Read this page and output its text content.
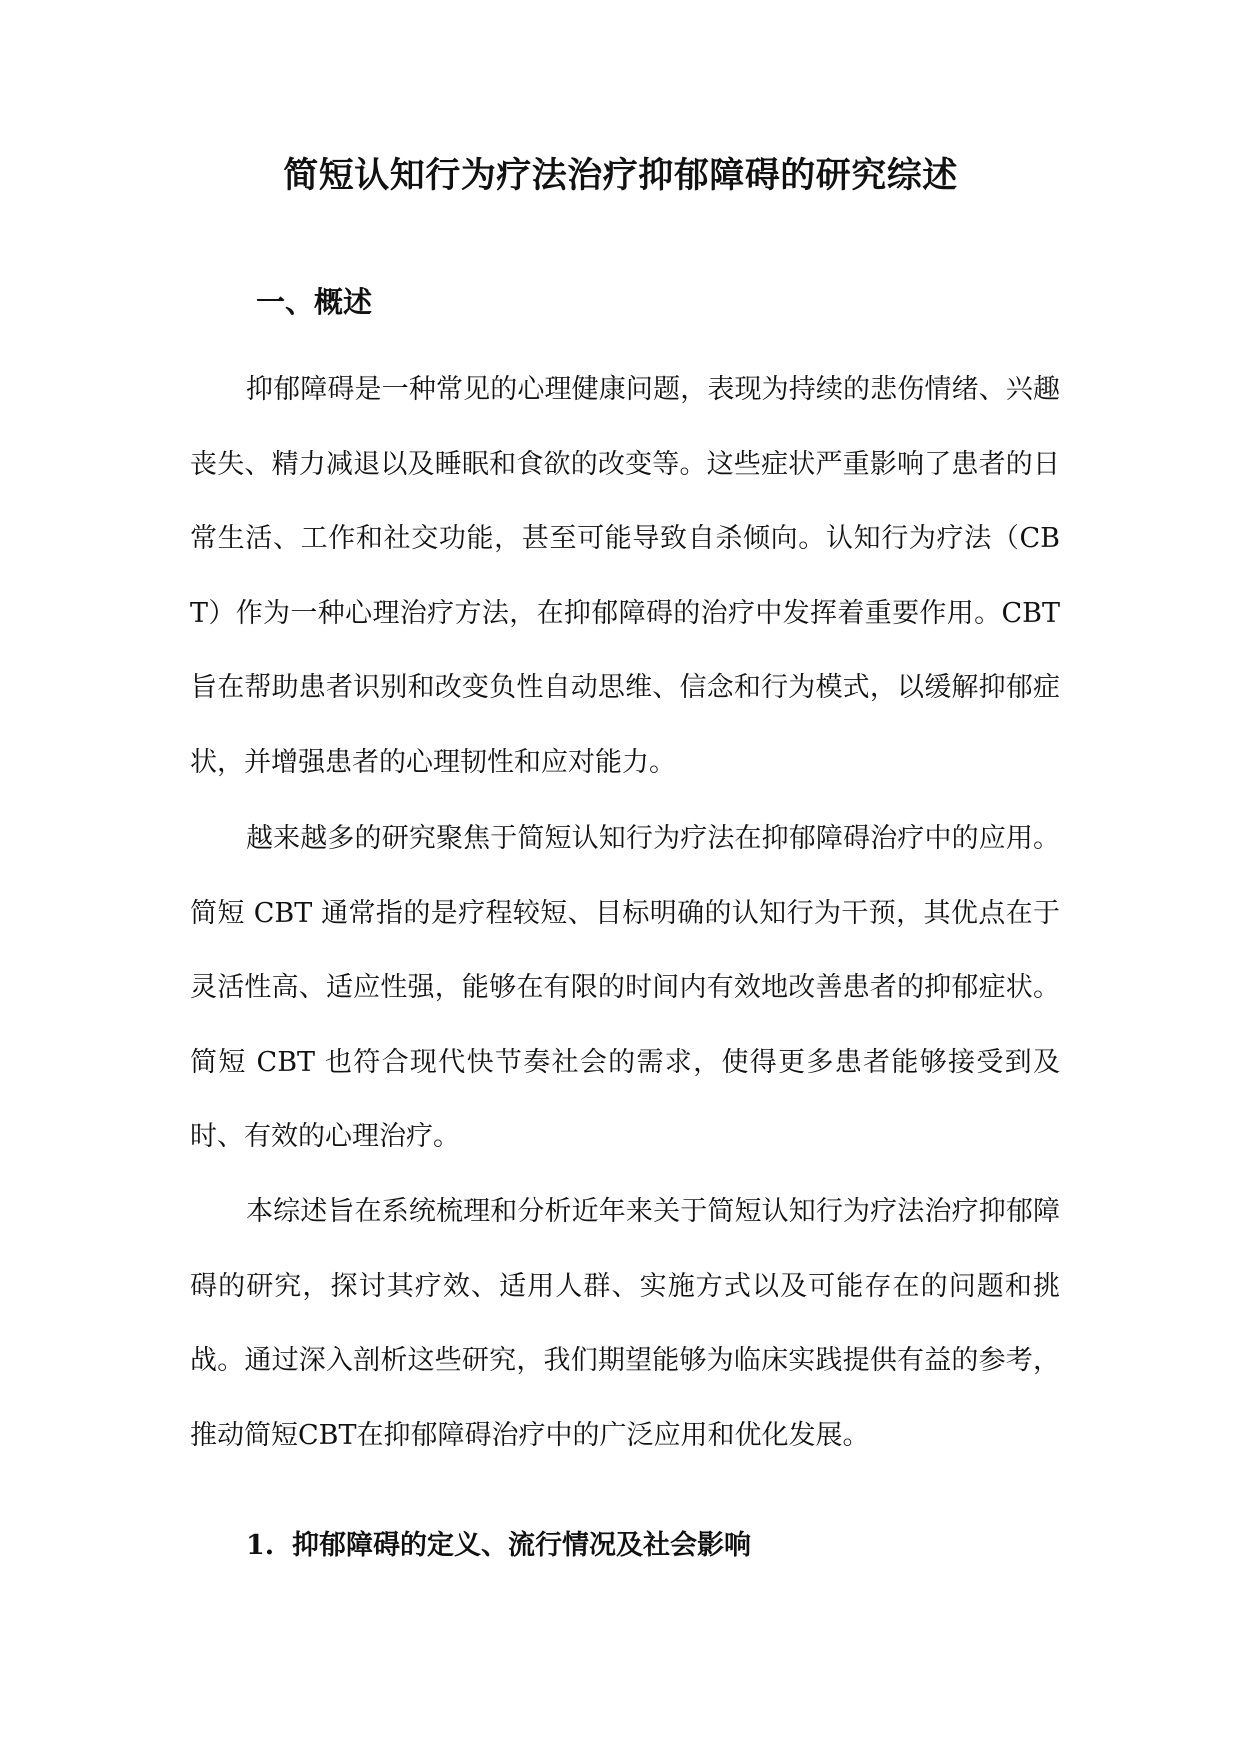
简短认知行为疗法治疗抑郁障碍的研究综述
一、概述

抑郁障碍是一种常见的心理健康问题，表现为持续的悲伤情绪、兴趣丧失、精力减退以及睡眠和食欲的改变等。这些症状严重影响了患者的日常生活、工作和社交功能，甚至可能导致自杀倾向。认知行为疗法（CBT）作为一种心理治疗方法，在抑郁障碍的治疗中发挥着重要作用。CBT 旨在帮助患者识别和改变负性自动思维、信念和行为模式，以缓解抑郁症状，并增强患者的心理韧性和应对能力。

越来越多的研究聚焦于简短认知行为疗法在抑郁障碍治疗中的应用。简短 CBT 通常指的是疗程较短、目标明确的认知行为干预，其优点在于灵活性高、适应性强，能够在有限的时间内有效地改善患者的抑郁症状。简短 CBT 也符合现代快节奏社会的需求，使得更多患者能够接受到及时、有效的心理治疗。

本综述旨在系统梳理和分析近年来关于简短认知行为疗法治疗抑郁障碍的研究，探讨其疗效、适用人群、实施方式以及可能存在的问题和挑战。通过深入剖析这些研究，我们期望能够为临床实践提供有益的参考，推动简短CBT在抑郁障碍治疗中的广泛应用和优化发展。

1. 抑郁障碍的定义、流行情况及社会影响
